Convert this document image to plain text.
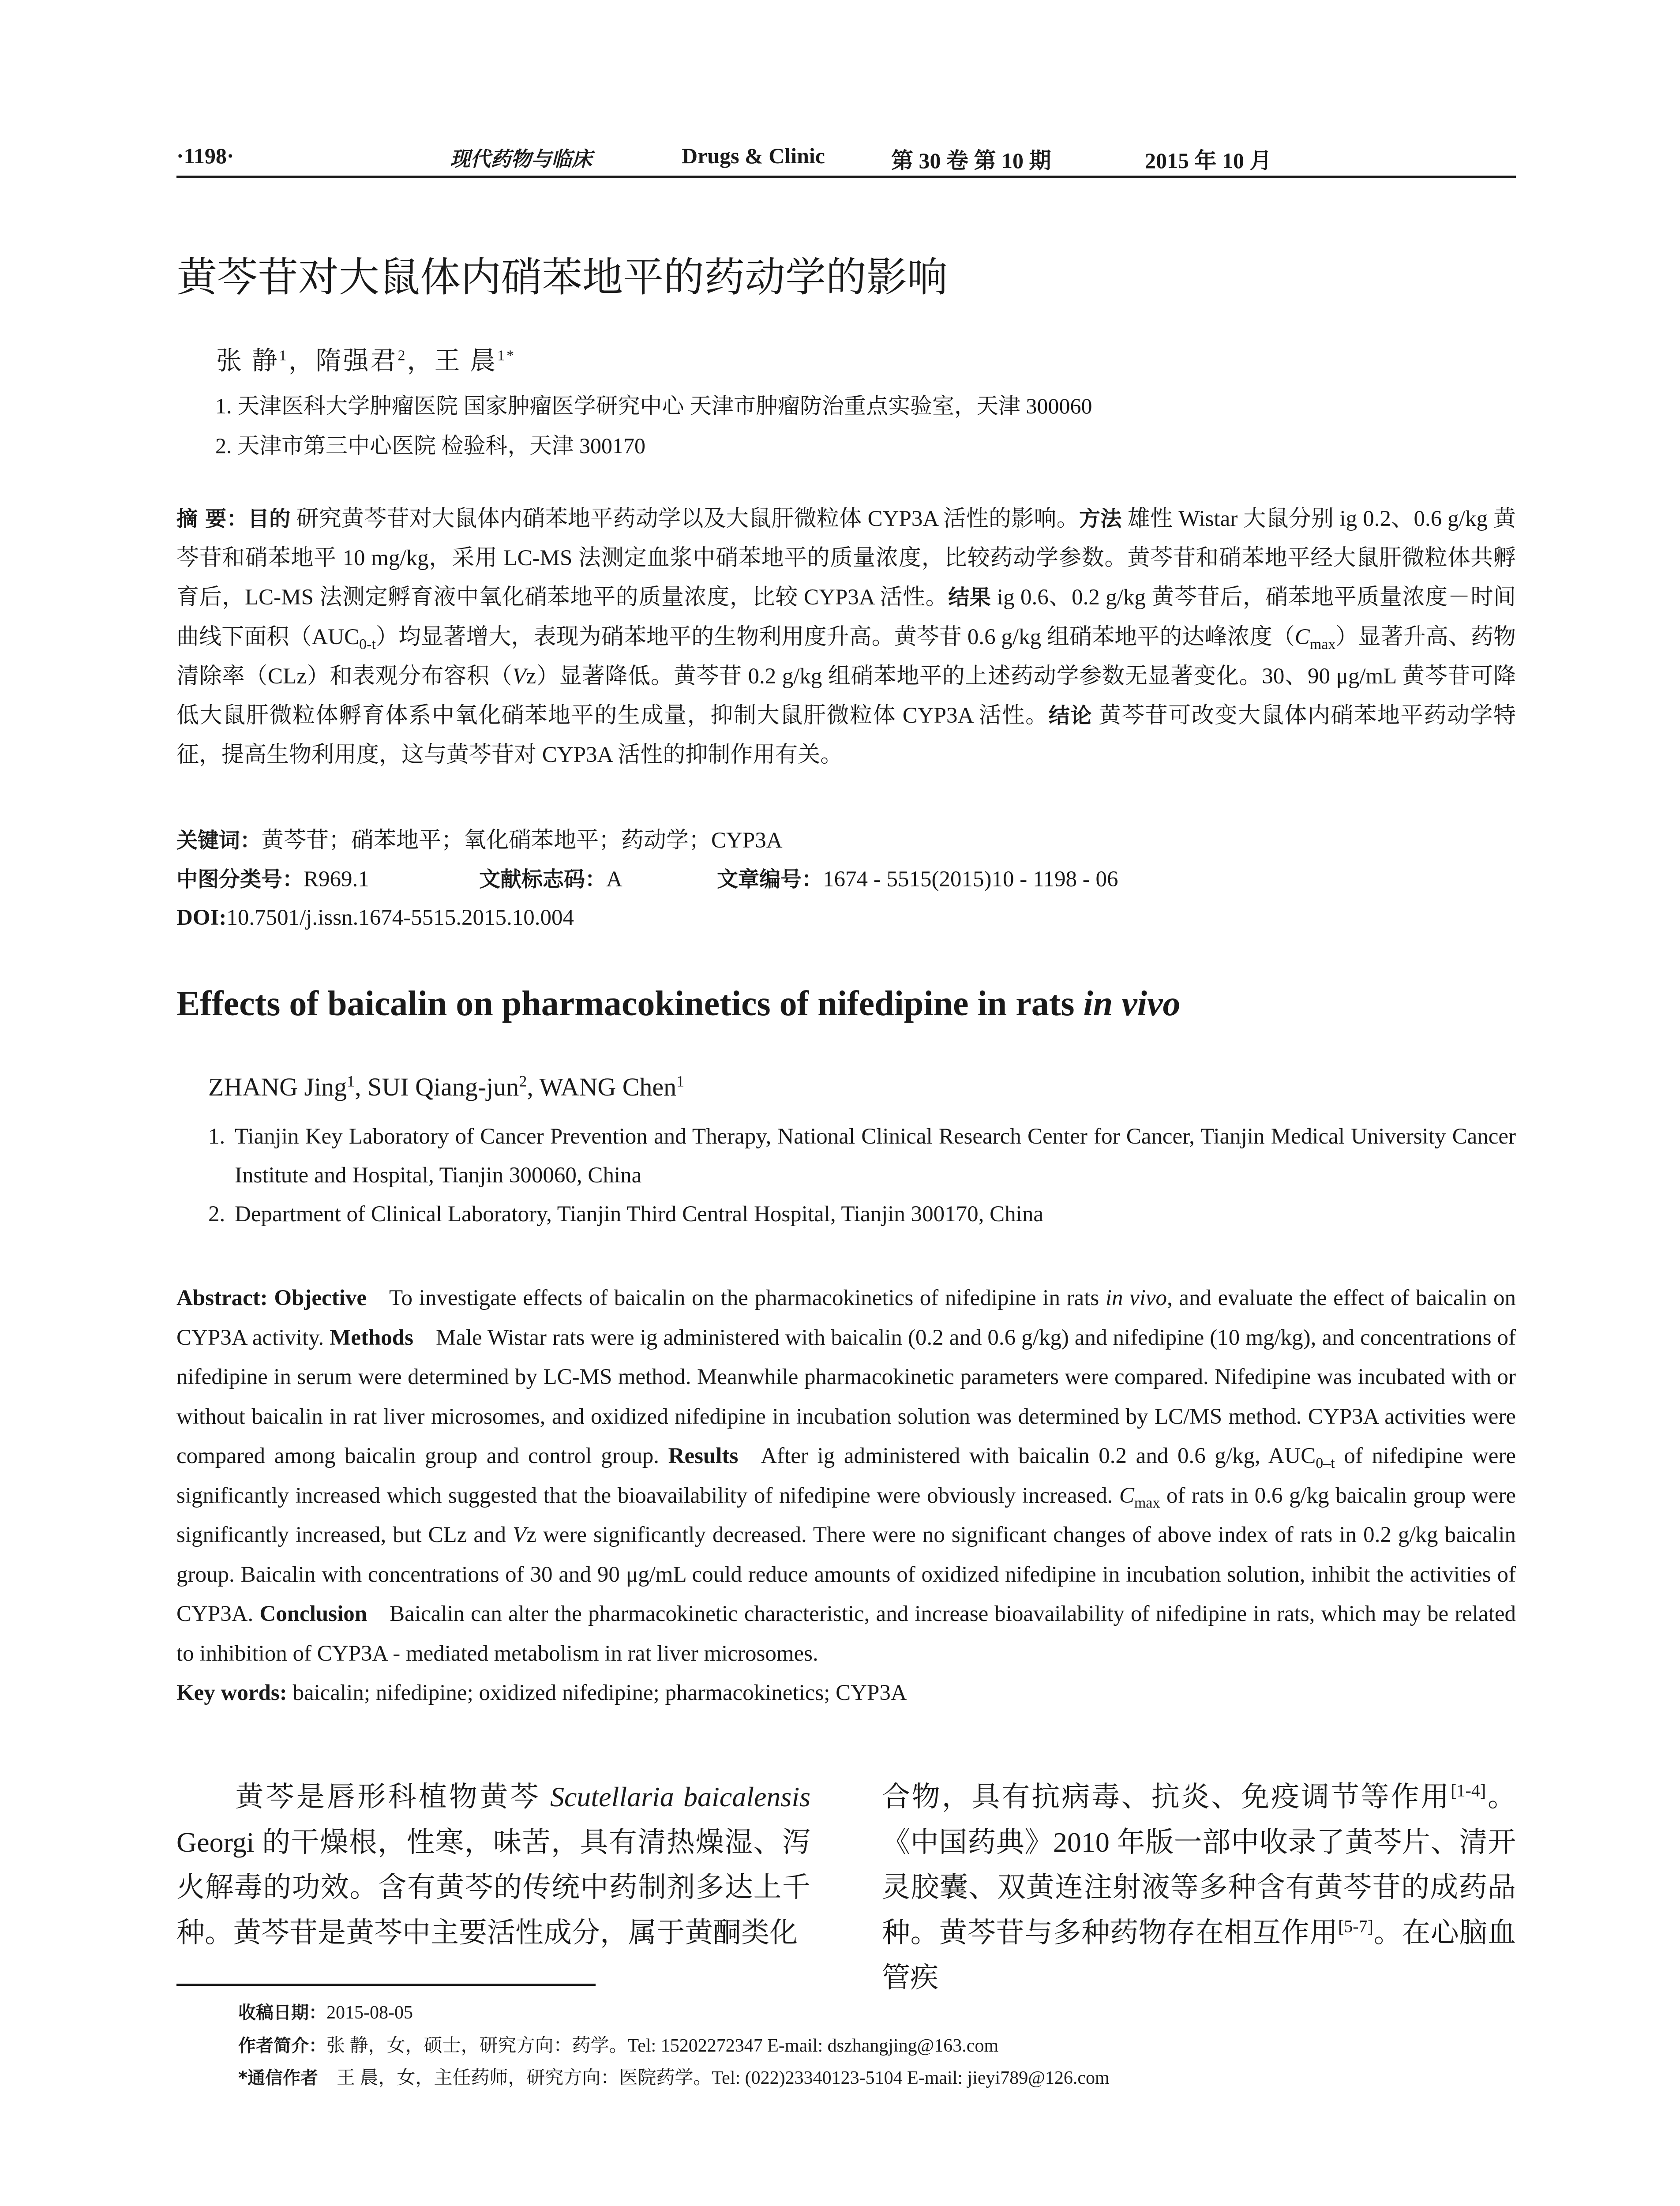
·1198·	现代药物与临床	Drugs & Clinic	第 30 卷 第 10 期	2015 年 10 月
黄芩苷对大鼠体内硝苯地平的药动学的影响
张 静$^1$，隋强君$^2$，王 晨$^{1*}$
1. 天津医科大学肿瘤医院 国家肿瘤医学研究中心 天津市肿瘤防治重点实验室，天津 300060
2. 天津市第三中心医院 检验科，天津 300170
摘 要：目的 研究黄芩苷对大鼠体内硝苯地平药动学以及大鼠肝微粒体 CYP3A 活性的影响。方法 雄性 Wistar 大鼠分别 ig 0.2、0.6 g/kg 黄芩苷和硝苯地平 10 mg/kg，采用 LC-MS 法测定血浆中硝苯地平的质量浓度，比较药动学参数。黄芩苷和硝苯地平经大鼠肝微粒体共孵育后，LC-MS 法测定孵育液中氧化硝苯地平的质量浓度，比较 CYP3A 活性。结果 ig 0.6、0.2 g/kg 黄芩苷后，硝苯地平质量浓度－时间曲线下面积$(AUC_{0-t})$均显著增大，表现为硝苯地平的生物利用度升高。黄芩苷 0.6 g/kg 组硝苯地平的达峰浓度$(C_{max})$显著升高、药物清除率（CLz）和表观分布容积（Vz）显著降低。黄芩苷 0.2 g/kg 组硝苯地平的上述药动学参数无显著变化。30、90 μg/mL 黄芩苷可降低大鼠肝微粒体孵育体系中氧化硝苯地平的生成量，抑制大鼠肝微粒体 CYP3A 活性。结论 黄芩苷可改变大鼠体内硝苯地平药动学特征，提高生物利用度，这与黄芩苷对 CYP3A 活性的抑制作用有关。
关键词：黄芩苷；硝苯地平；氧化硝苯地平；药动学；CYP3A
中图分类号：R969.1	文献标志码：A	文章编号：1674 - 5515(2015)10 - 1198 - 06
DOI:10.7501/j.issn.1674-5515.2015.10.004
Effects of baicalin on pharmacokinetics of nifedipine in rats in vivo
ZHANG Jing$^1$, SUI Qiang-jun$^2$, WANG Chen$^1$
1. Tianjin Key Laboratory of Cancer Prevention and Therapy, National Clinical Research Center for Cancer, Tianjin Medical University Cancer Institute and Hospital, Tianjin 300060, China
2. Department of Clinical Laboratory, Tianjin Third Central Hospital, Tianjin 300170, China
Abstract: Objective  To investigate effects of baicalin on the pharmacokinetics of nifedipine in rats in vivo, and evaluate the effect of baicalin on CYP3A activity. Methods  Male Wistar rats were ig administered with baicalin (0.2 and 0.6 g/kg) and nifedipine (10 mg/kg), and concentrations of nifedipine in serum were determined by LC-MS method. Meanwhile pharmacokinetic parameters were compared. Nifedipine was incubated with or without baicalin in rat liver microsomes, and oxidized nifedipine in incubation solution was determined by LC/MS method. CYP3A activities were compared among baicalin group and control group. Results  After ig administered with baicalin 0.2 and 0.6 g/kg, $AUC_{0-t}$ of nifedipine were significantly increased which suggested that the bioavailability of nifedipine were obviously increased. $C_{max}$ of rats in 0.6 g/kg baicalin group were significantly increased, but CLz and Vz were significantly decreased. There were no significant changes of above index of rats in 0.2 g/kg baicalin group. Baicalin with concentrations of 30 and 90 μg/mL could reduce amounts of oxidized nifedipine in incubation solution, inhibit the activities of CYP3A. Conclusion  Baicalin can alter the pharmacokinetic characteristic, and increase bioavailability of nifedipine in rats, which may be related to inhibition of CYP3A - mediated metabolism in rat liver microsomes.
Key words: baicalin; nifedipine; oxidized nifedipine; pharmacokinetics; CYP3A
黄芩是唇形科植物黄芩 Scutellaria baicalensis Georgi 的干燥根，性寒，味苦，具有清热燥湿、泻火解毒的功效。含有黄芩的传统中药制剂多达上千种。黄芩苷是黄芩中主要活性成分，属于黄酮类化
合物，具有抗病毒、抗炎、免疫调节等作用[1-4]。《中国药典》2010 年版一部中收录了黄芩片、清开灵胶囊、双黄连注射液等多种含有黄芩苷的成药品种。黄芩苷与多种药物存在相互作用[5-7]。在心脑血管疾
收稿日期：2015-08-05
作者简介：张 静，女，硕士，研究方向：药学。Tel: 15202272347 E-mail: dszhangjing@163.com
*通信作者  王 晨，女，主任药师，研究方向：医院药学。Tel: (022)23340123-5104 E-mail: jieyi789@126.com
